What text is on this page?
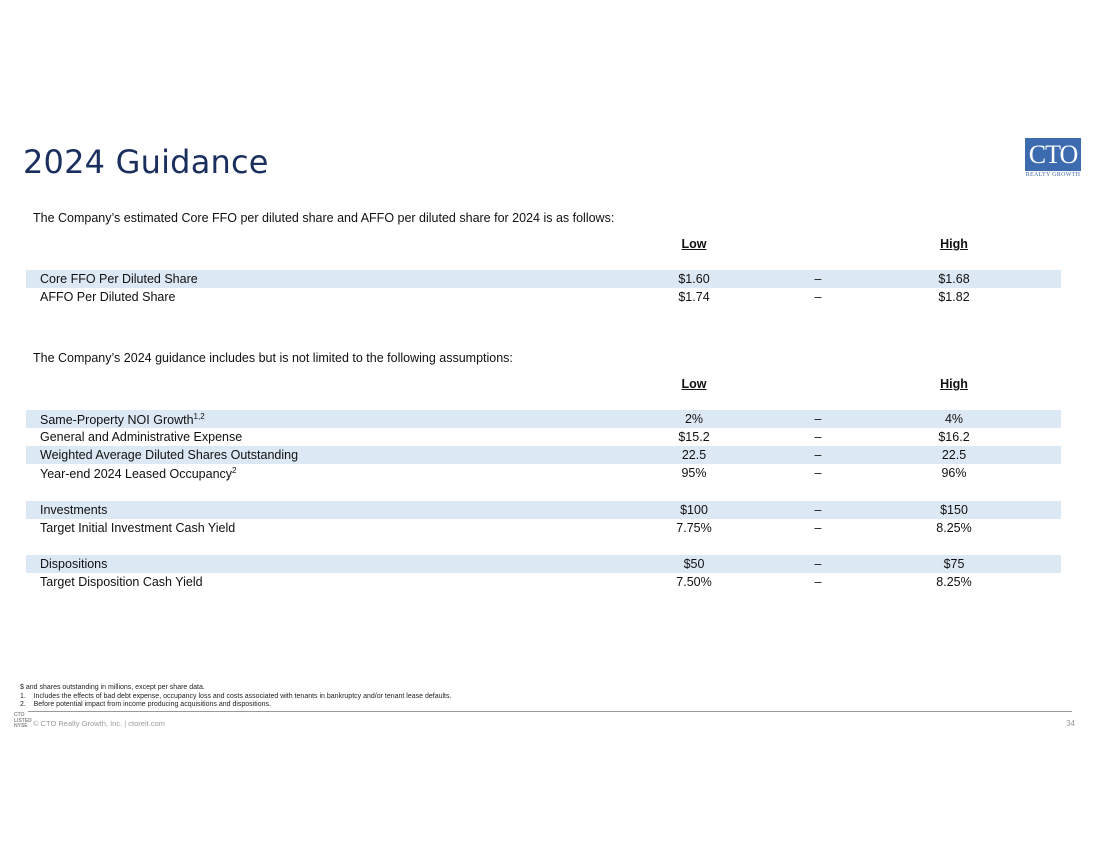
2024 Guidance	CTO
REALTY GROWTH
The Company’s estimated Core FFO per diluted share and AFFO per diluted share for 2024 is as follows:
Low	High
Core FFO Per Diluted Share	$1.60	–	$1.68
AFFO Per Diluted Share	$1.74	–	$1.82
The Company’s 2024 guidance includes but is not limited to the following assumptions:
Low	High
Same-Property NOI Growth$^{1,2}$	2%	–	4%
General and Administrative Expense	$15.2	–	$16.2
Weighted Average Diluted Shares Outstanding	22.5	–	22.5
Year-end 2024 Leased Occupancy$^2$	95%	–	96%
Investments	$100	–	$150
Target Initial Investment Cash Yield	7.75%	–	8.25%
Dispositions	$50	–	$75
Target Disposition Cash Yield	7.50%	–	8.25%
$ and shares outstanding in millions, except per share data.
1.    Includes the effects of bad debt expense, occupancy loss and costs associated with tenants in bankruptcy and/or tenant lease defaults.
2.    Before potential impact from income producing acquisitions and dispositions.
CTO
LISTED
NYSE © CTO Realty Growth, Inc. | ctoreit.com	34
